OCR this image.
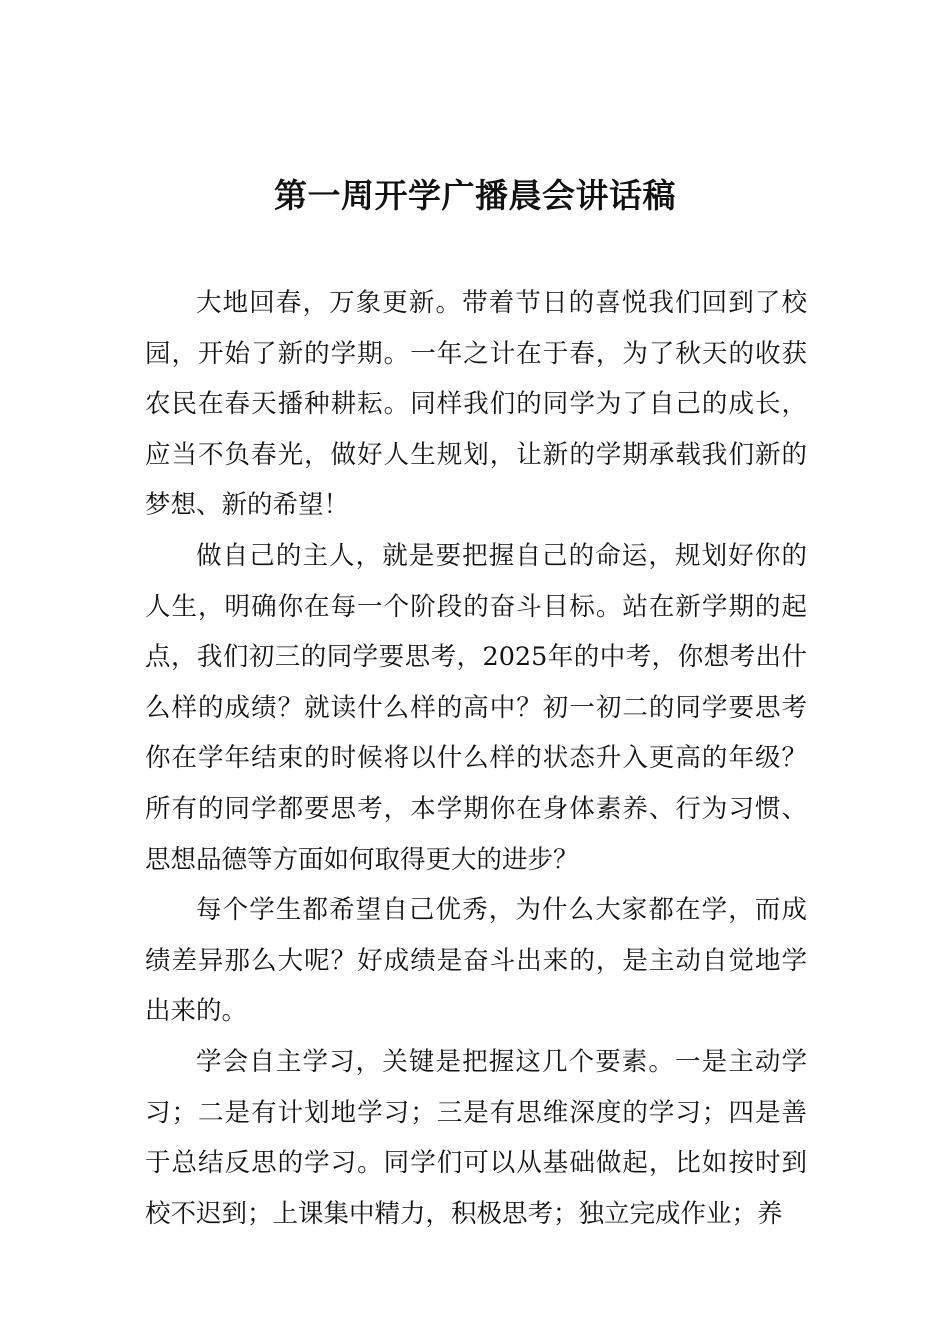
第一周开学广播晨会讲话稿

大地回春，万象更新。带着节日的喜悦我们回到了校园，开始了新的学期。一年之计在于春，为了秋天的收获农民在春天播种耕耘。同样我们的同学为了自己的成长，应当不负春光，做好人生规划，让新的学期承载我们新的梦想、新的希望！

做自己的主人，就是要把握自己的命运，规划好你的人生，明确你在每一个阶段的奋斗目标。站在新学期的起点，我们初三的同学要思考，2025年的中考，你想考出什么样的成绩？就读什么样的高中？初一初二的同学要思考你在学年结束的时候将以什么样的状态升入更高的年级？所有的同学都要思考，本学期你在身体素养、行为习惯、思想品德等方面如何取得更大的进步？

每个学生都希望自己优秀，为什么大家都在学，而成绩差异那么大呢？好成绩是奋斗出来的，是主动自觉地学出来的。

学会自主学习，关键是把握这几个要素。一是主动学习；二是有计划地学习；三是有思维深度的学习；四是善于总结反思的学习。同学们可以从基础做起，比如按时到校不迟到；上课集中精力，积极思考；独立完成作业；养
